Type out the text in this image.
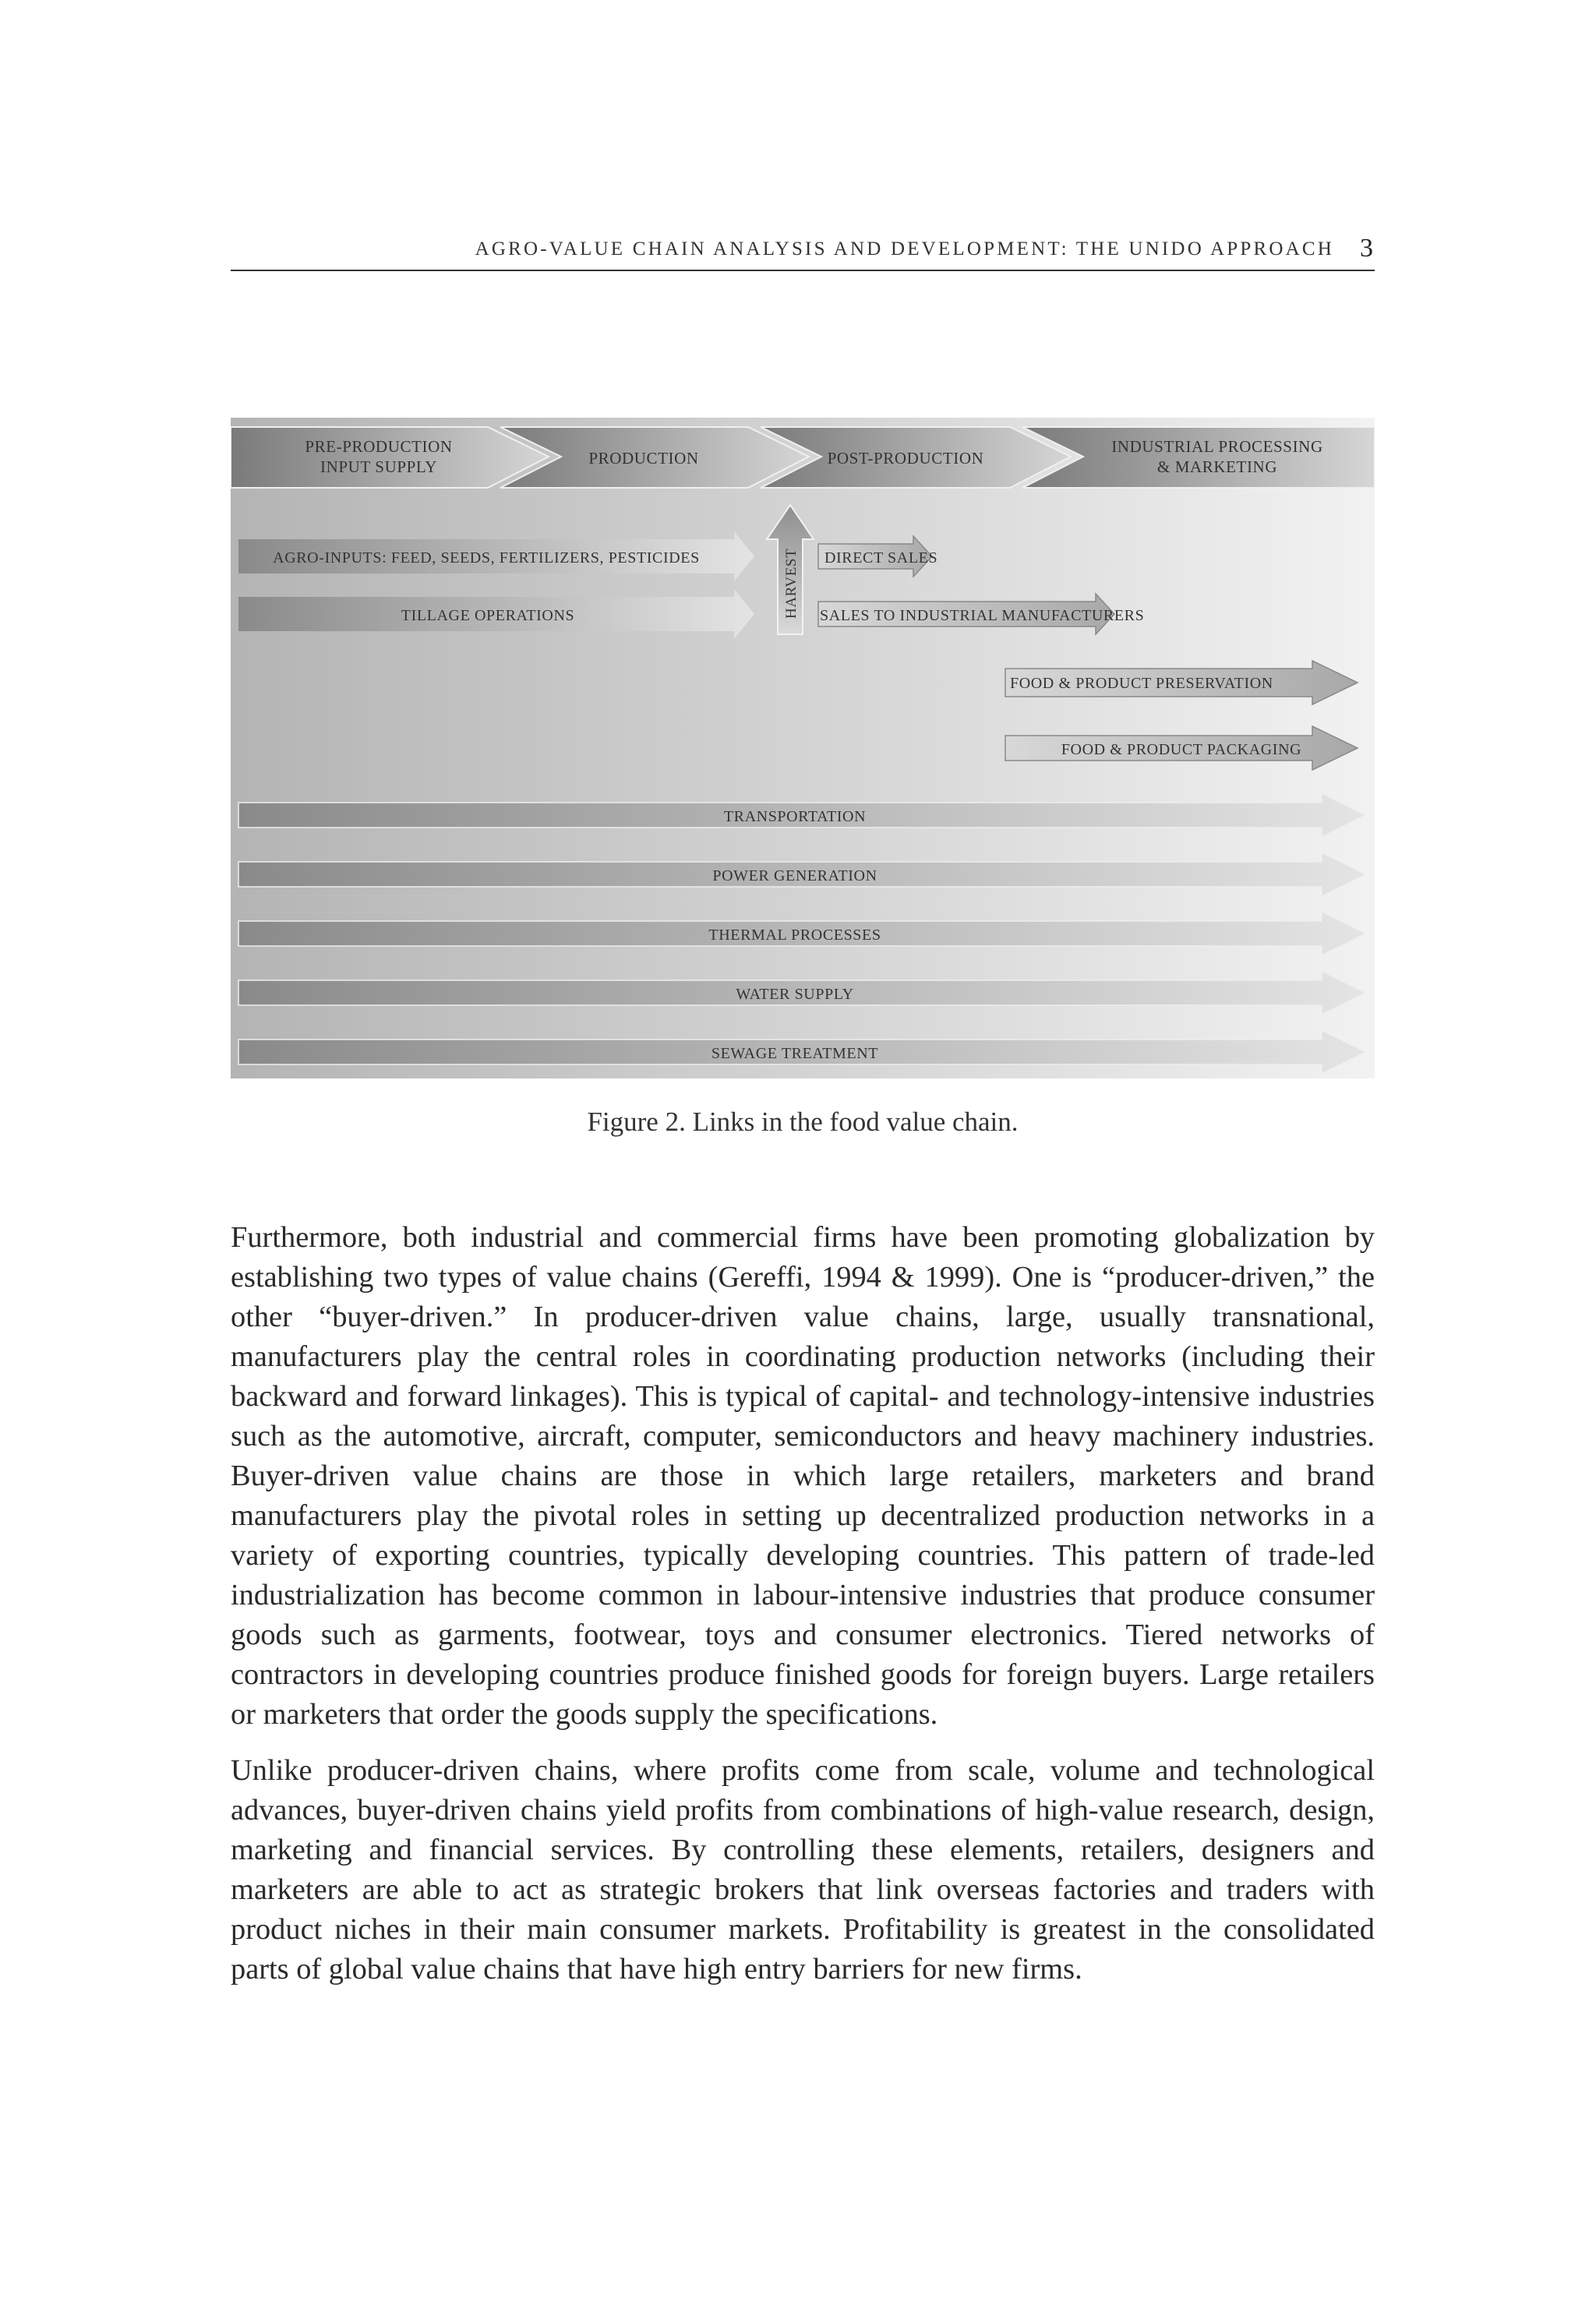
AGRO-VALUE CHAIN ANALYSIS AND DEVELOPMENT: THE UNIDO APPROACH 3
PRE-PRODUCTION
INPUT SUPPLY	PRODUCTION	POST-PRODUCTION
INDUSTRIAL PROCESSING
& MARKETING
AGRO-INPUTS: FEED, SEEDS, FERTILIZERS, PESTICIDES
TILLAGE OPERATIONS	HARVEST DIRECT SALES
SALES TO INDUSTRIAL MANUFACTURERS
FOOD & PRODUCT PRESERVATION
FOOD & PRODUCT PACKAGING
TRANSPORTATION
POWER GENERATION
THERMAL PROCESSES
WATER SUPPLY
SEWAGE TREATMENT
Figure 2. Links in the food value chain.

Furthermore, both industrial and commercial firms have been promoting globalization by establishing two types of value chains (Gereffi, 1994 & 1999). One is “producer-driven,” the other “buyer-driven.” In producer-driven value chains, large, usually transnational, manufacturers play the central roles in coordinating production networks (including their backward and forward linkages). This is typical of capital- and technology-intensive industries such as the automotive, aircraft, computer, semiconductors and heavy machinery industries. Buyer-driven value chains are those in which large retailers, marketers and brand manufacturers play the pivotal roles in setting up decentralized production networks in a variety of exporting countries, typically developing countries. This pattern of trade-led industrialization has become common in labour-intensive industries that produce consumer goods such as garments, footwear, toys and consumer electronics. Tiered networks of contractors in developing countries produce finished goods for foreign buyers. Large retailers or marketers that order the goods supply the specifications.

Unlike producer-driven chains, where profits come from scale, volume and technological advances, buyer-driven chains yield profits from combinations of high-value research, design, marketing and financial services. By controlling these elements, retailers, designers and marketers are able to act as strategic brokers that link overseas factories and traders with product niches in their main consumer markets. Profitability is greatest in the consolidated parts of global value chains that have high entry barriers for new firms.
